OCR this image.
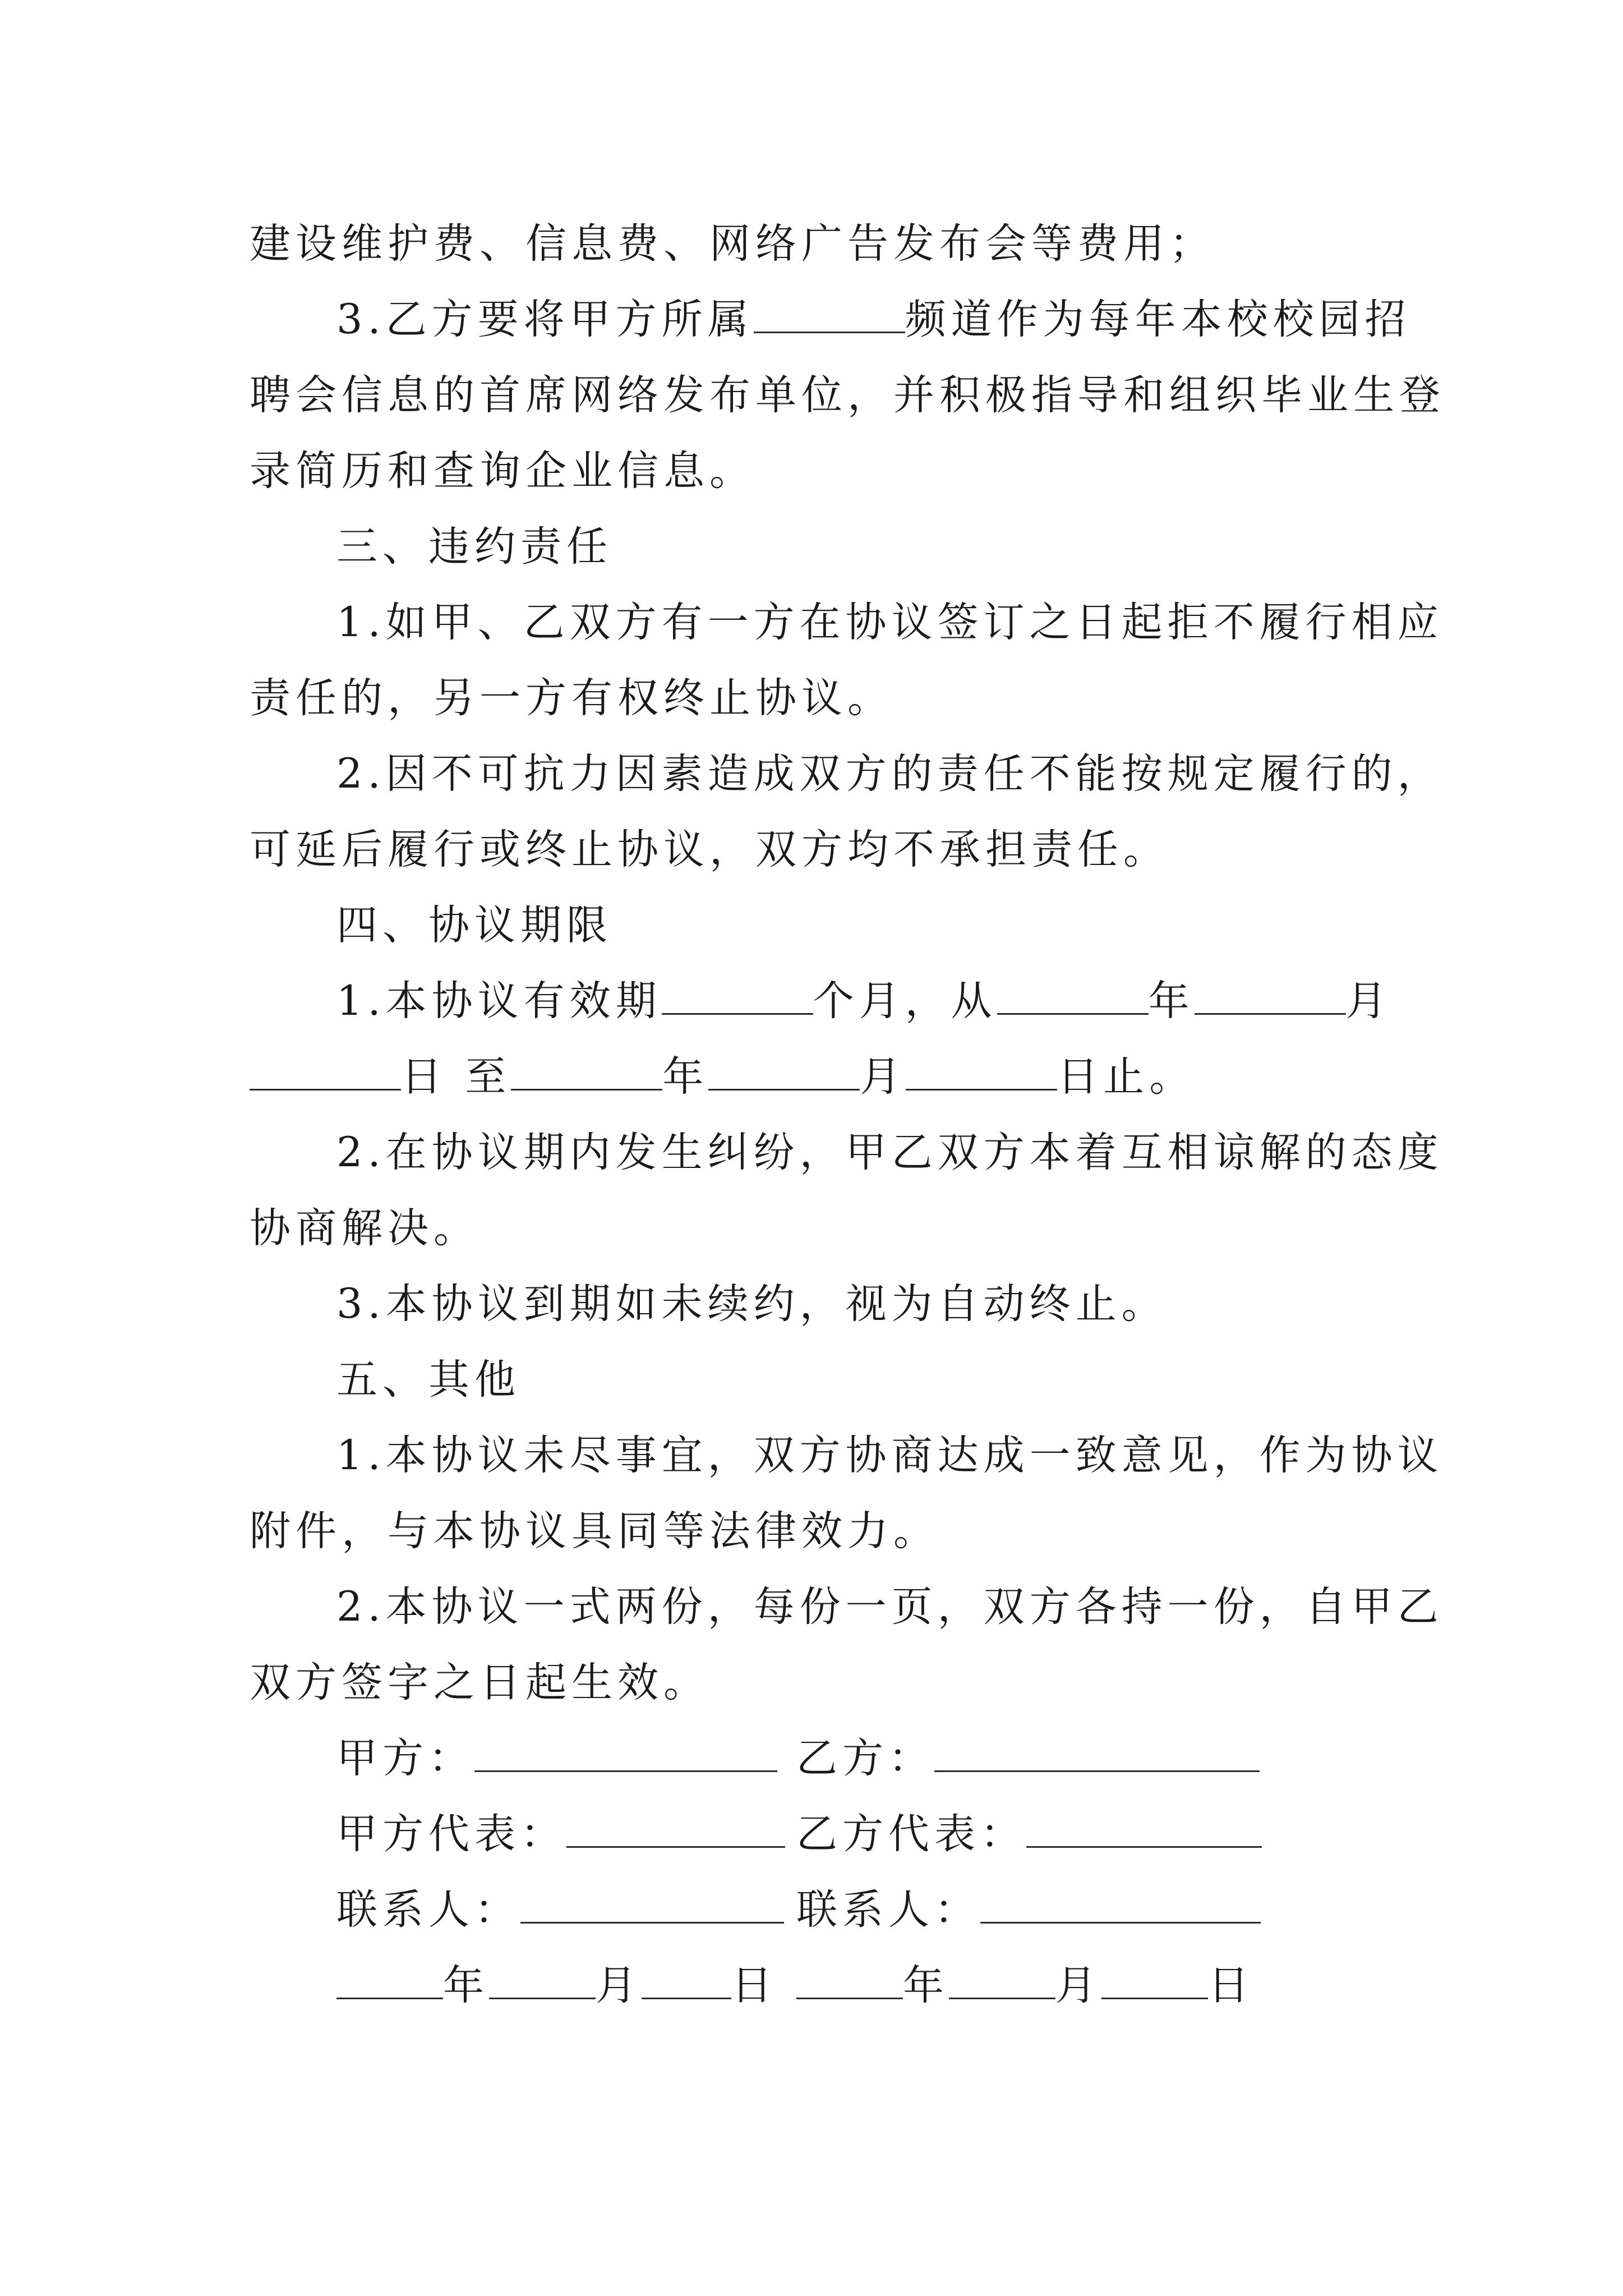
建设维护费、信息费、网络广告发布会等费用；
3.乙方要将甲方所属	频道作为每年本校校园招
聘会信息的首席网络发布单位，并积极指导和组织毕业生登
录简历和查询企业信息。
三、违约责任
1.如甲、乙双方有一方在协议签订之日起拒不履行相应
责任的，另一方有权终止协议。
2.因不可抗力因素造成双方的责任不能按规定履行的，
可延后履行或终止协议，双方均不承担责任。
四、协议期限
1.本协议有效期	个月，从	年	月
日 至	年	月	日止。
2.在协议期内发生纠纷，甲乙双方本着互相谅解的态度
协商解决。
3.本协议到期如未续约，视为自动终止。
五、其他
1.本协议未尽事宜，双方协商达成一致意见，作为协议
附件，与本协议具同等法律效力。
2.本协议一式两份，每份一页，双方各持一份，自甲乙
双方签字之日起生效。
甲方：	乙方：
甲方代表：	乙方代表：
联系人：	联系人：
年	月 日	年	月	日
